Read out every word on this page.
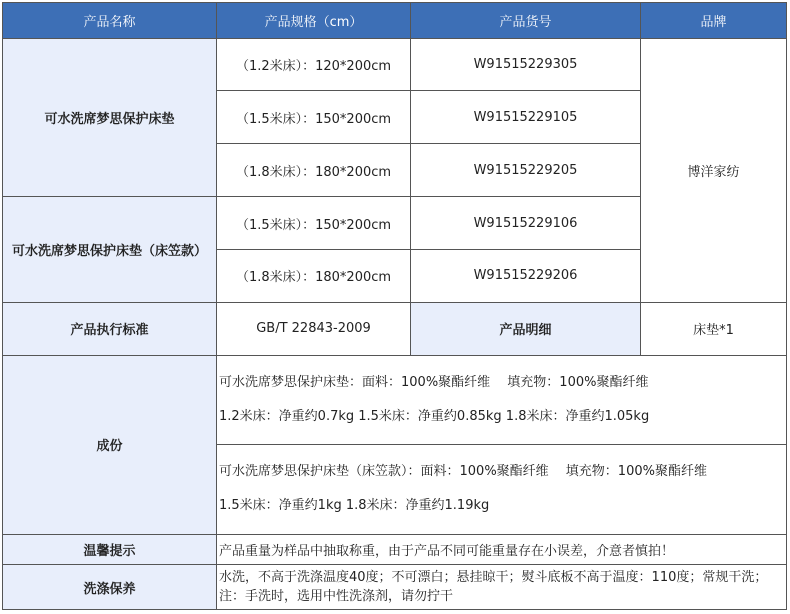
产品名称	产品规格（cm）	产品货号	品牌
可水洗席梦思保护床垫	（1.2米床）：120*200cm	W91515229305	博洋家纺
	（1.5米床）：150*200cm	W91515229105	
	（1.8米床）：180*200cm	W91515229205	
可水洗席梦思保护床垫（床笠款）	（1.5米床）：150*200cm	W91515229106	
	（1.8米床）：180*200cm	W91515229206	
产品执行标准	GB/T 22843-2009	产品明细	床垫*1
成份	可水洗席梦思保护床垫：面料：100%聚酯纤维　 填充物：100%聚酯纤维
1.2米床：净重约0.7kg 1.5米床：净重约0.85kg 1.8米床：净重约1.05kg		

	可水洗席梦思保护床垫（床笠款）：面料：100%聚酯纤维　 填充物：100%聚酯纤维
1.5米床：净重约1kg 1.8米床：净重约1.19kg		

温馨提示	产品重量为样品中抽取称重，由于产品不同可能重量存在小误差，介意者慎拍！		
洗涤保养	水洗，不高于洗涤温度40度；不可漂白；悬挂晾干；熨斗底板不高于温度：110度；常规干洗；注：手洗时，选用中性洗涤剂，请勿拧干		
